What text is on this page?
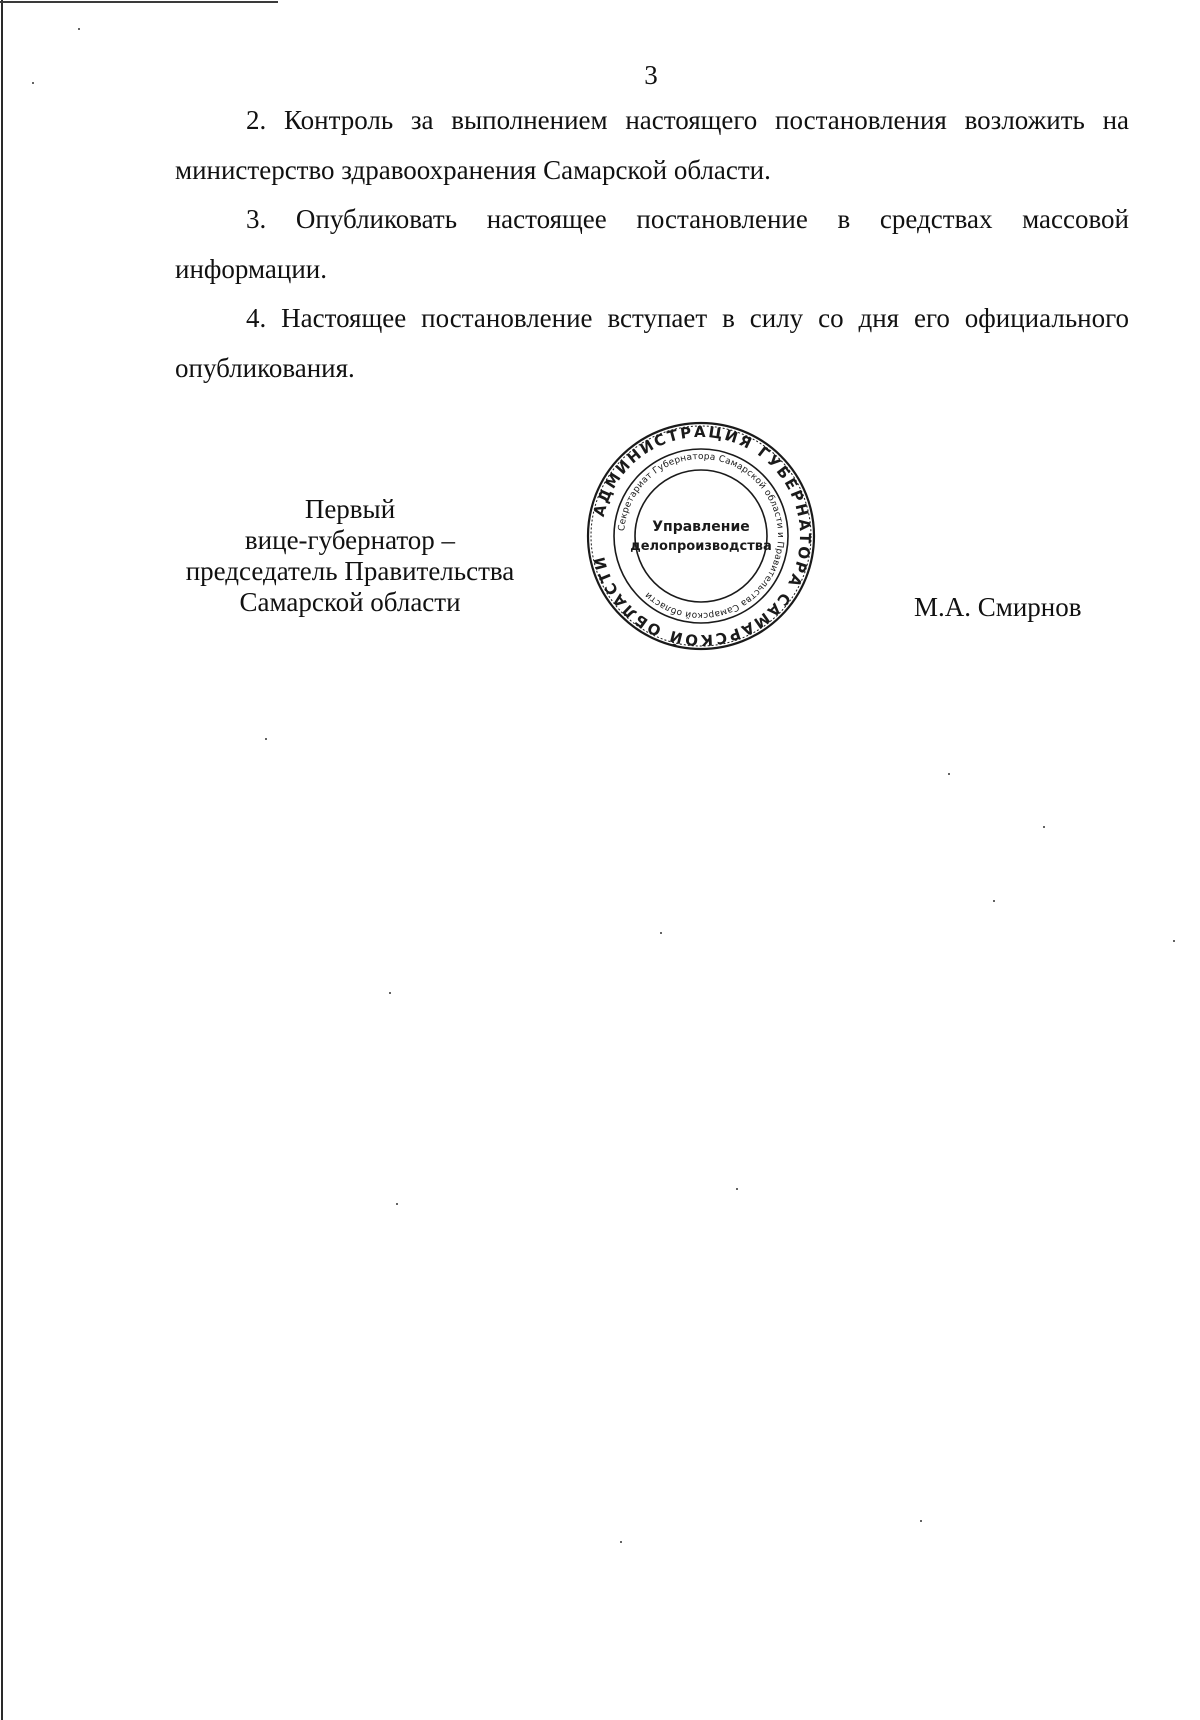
3
2. Контроль за выполнением настоящего постановления возложить на
министерство здравоохранения Самарской области.
3. Опубликовать настоящее постановление в средствах массовой
информации.
4. Настоящее постановление вступает в силу со дня его официального
опубликования.
Первый
вице-губернатор –
председатель Правительства
Самарской области
АДМИНИСТРАЦИЯ ГУБЕРНАТОРА САМАРСКОЙ ОБЛАСТИ
Секретариат Губернатора Самарской области и Правительства Самарской области
Управление
делопроизводства
М.А. Смирнов
